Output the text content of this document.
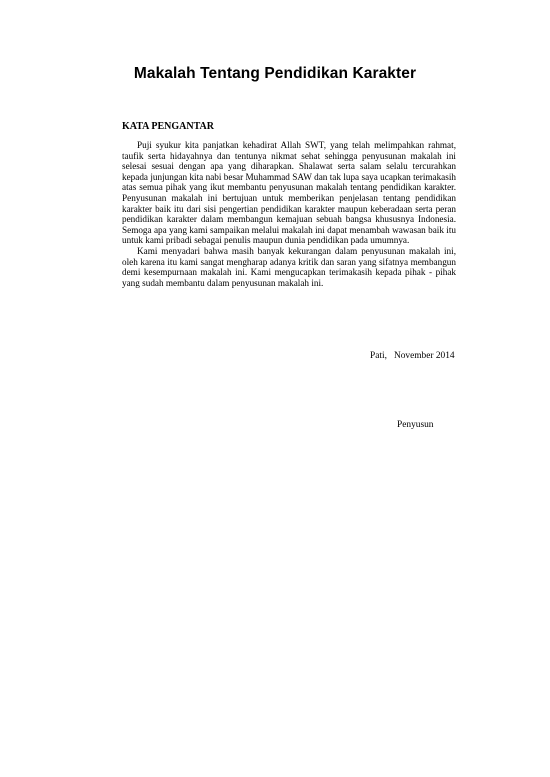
Makalah Tentang Pendidikan Karakter
KATA PENGANTAR

Puji syukur kita panjatkan kehadirat Allah SWT, yang telah melimpahkan rahmat, taufik serta hidayahnya dan tentunya nikmat sehat sehingga penyusunan makalah ini selesai sesuai dengan apa yang diharapkan. Shalawat serta salam selalu tercurahkan kepada junjungan kita nabi besar Muhammad SAW dan tak lupa saya ucapkan terimakasih atas semua pihak yang ikut membantu penyusunan makalah tentang pendidikan karakter. Penyusunan makalah ini bertujuan untuk memberikan penjelasan tentang pendidikan karakter baik itu dari sisi pengertian pendidikan karakter maupun keberadaan serta peran pendidikan karakter dalam membangun kemajuan sebuah bangsa khususnya Indonesia. Semoga apa yang kami sampaikan melalui makalah ini dapat menambah wawasan baik itu untuk kami pribadi sebagai penulis maupun dunia pendidikan pada umumnya.

Kami menyadari bahwa masih banyak kekurangan dalam penyusunan makalah ini, oleh karena itu kami sangat mengharap adanya kritik dan saran yang sifatnya membangun demi kesempurnaan makalah ini. Kami mengucapkan terimakasih kepada pihak - pihak yang sudah membantu dalam penyusunan makalah ini.

Pati,   November 2014
Penyusun
